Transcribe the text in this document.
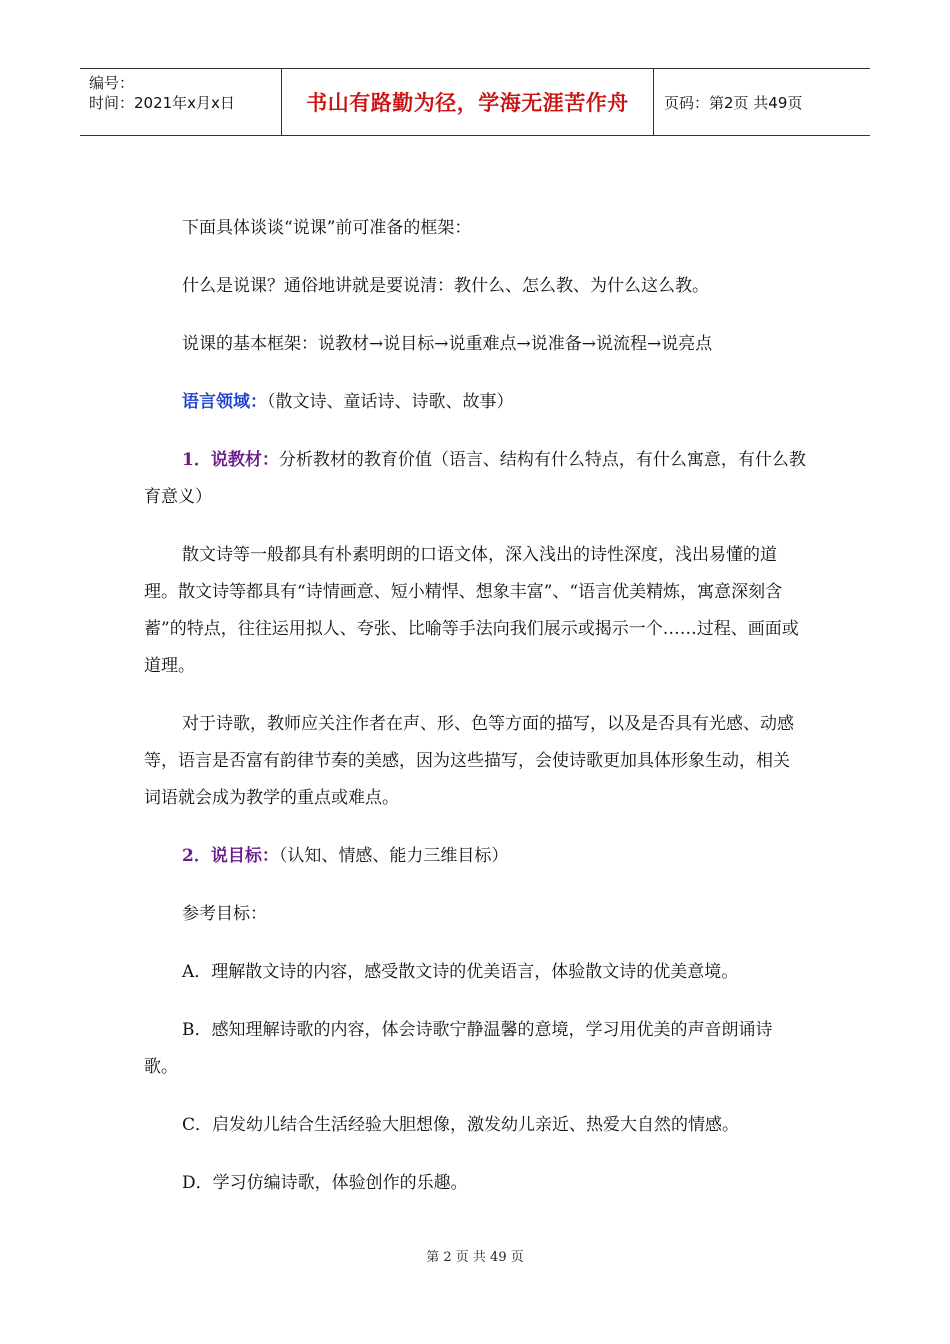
编号：
时间：2021年x月x日	书山有路勤为径，学海无涯苦作舟 页码：第2页 共49页

下面具体谈谈“说课”前可准备的框架：

什么是说课？通俗地讲就是要说清：教什么、怎么教、为什么这么教。

说课的基本框架：说教材→说目标→说重难点→说准备→说流程→说亮点

语言领域：（散文诗、童话诗、诗歌、故事）

1．说教材：分析教材的教育价值（语言、结构有什么特点，有什么寓意，有什么教育意义）

散文诗等一般都具有朴素明朗的口语文体，深入浅出的诗性深度，浅出易懂的道理。散文诗等都具有“诗情画意、短小精悍、想象丰富”、“语言优美精炼，寓意深刻含蓄”的特点，往往运用拟人、夸张、比喻等手法向我们展示或揭示一个……过程、画面或道理。

对于诗歌，教师应关注作者在声、形、色等方面的描写，以及是否具有光感、动感等，语言是否富有韵律节奏的美感，因为这些描写，会使诗歌更加具体形象生动，相关词语就会成为教学的重点或难点。

2．说目标：（认知、情感、能力三维目标）

参考目标：

A．理解散文诗的内容，感受散文诗的优美语言，体验散文诗的优美意境。

B．感知理解诗歌的内容，体会诗歌宁静温馨的意境，学习用优美的声音朗诵诗歌。

C．启发幼儿结合生活经验大胆想像，激发幼儿亲近、热爱大自然的情感。

D．学习仿编诗歌，体验创作的乐趣。

第 2 页 共 49 页
